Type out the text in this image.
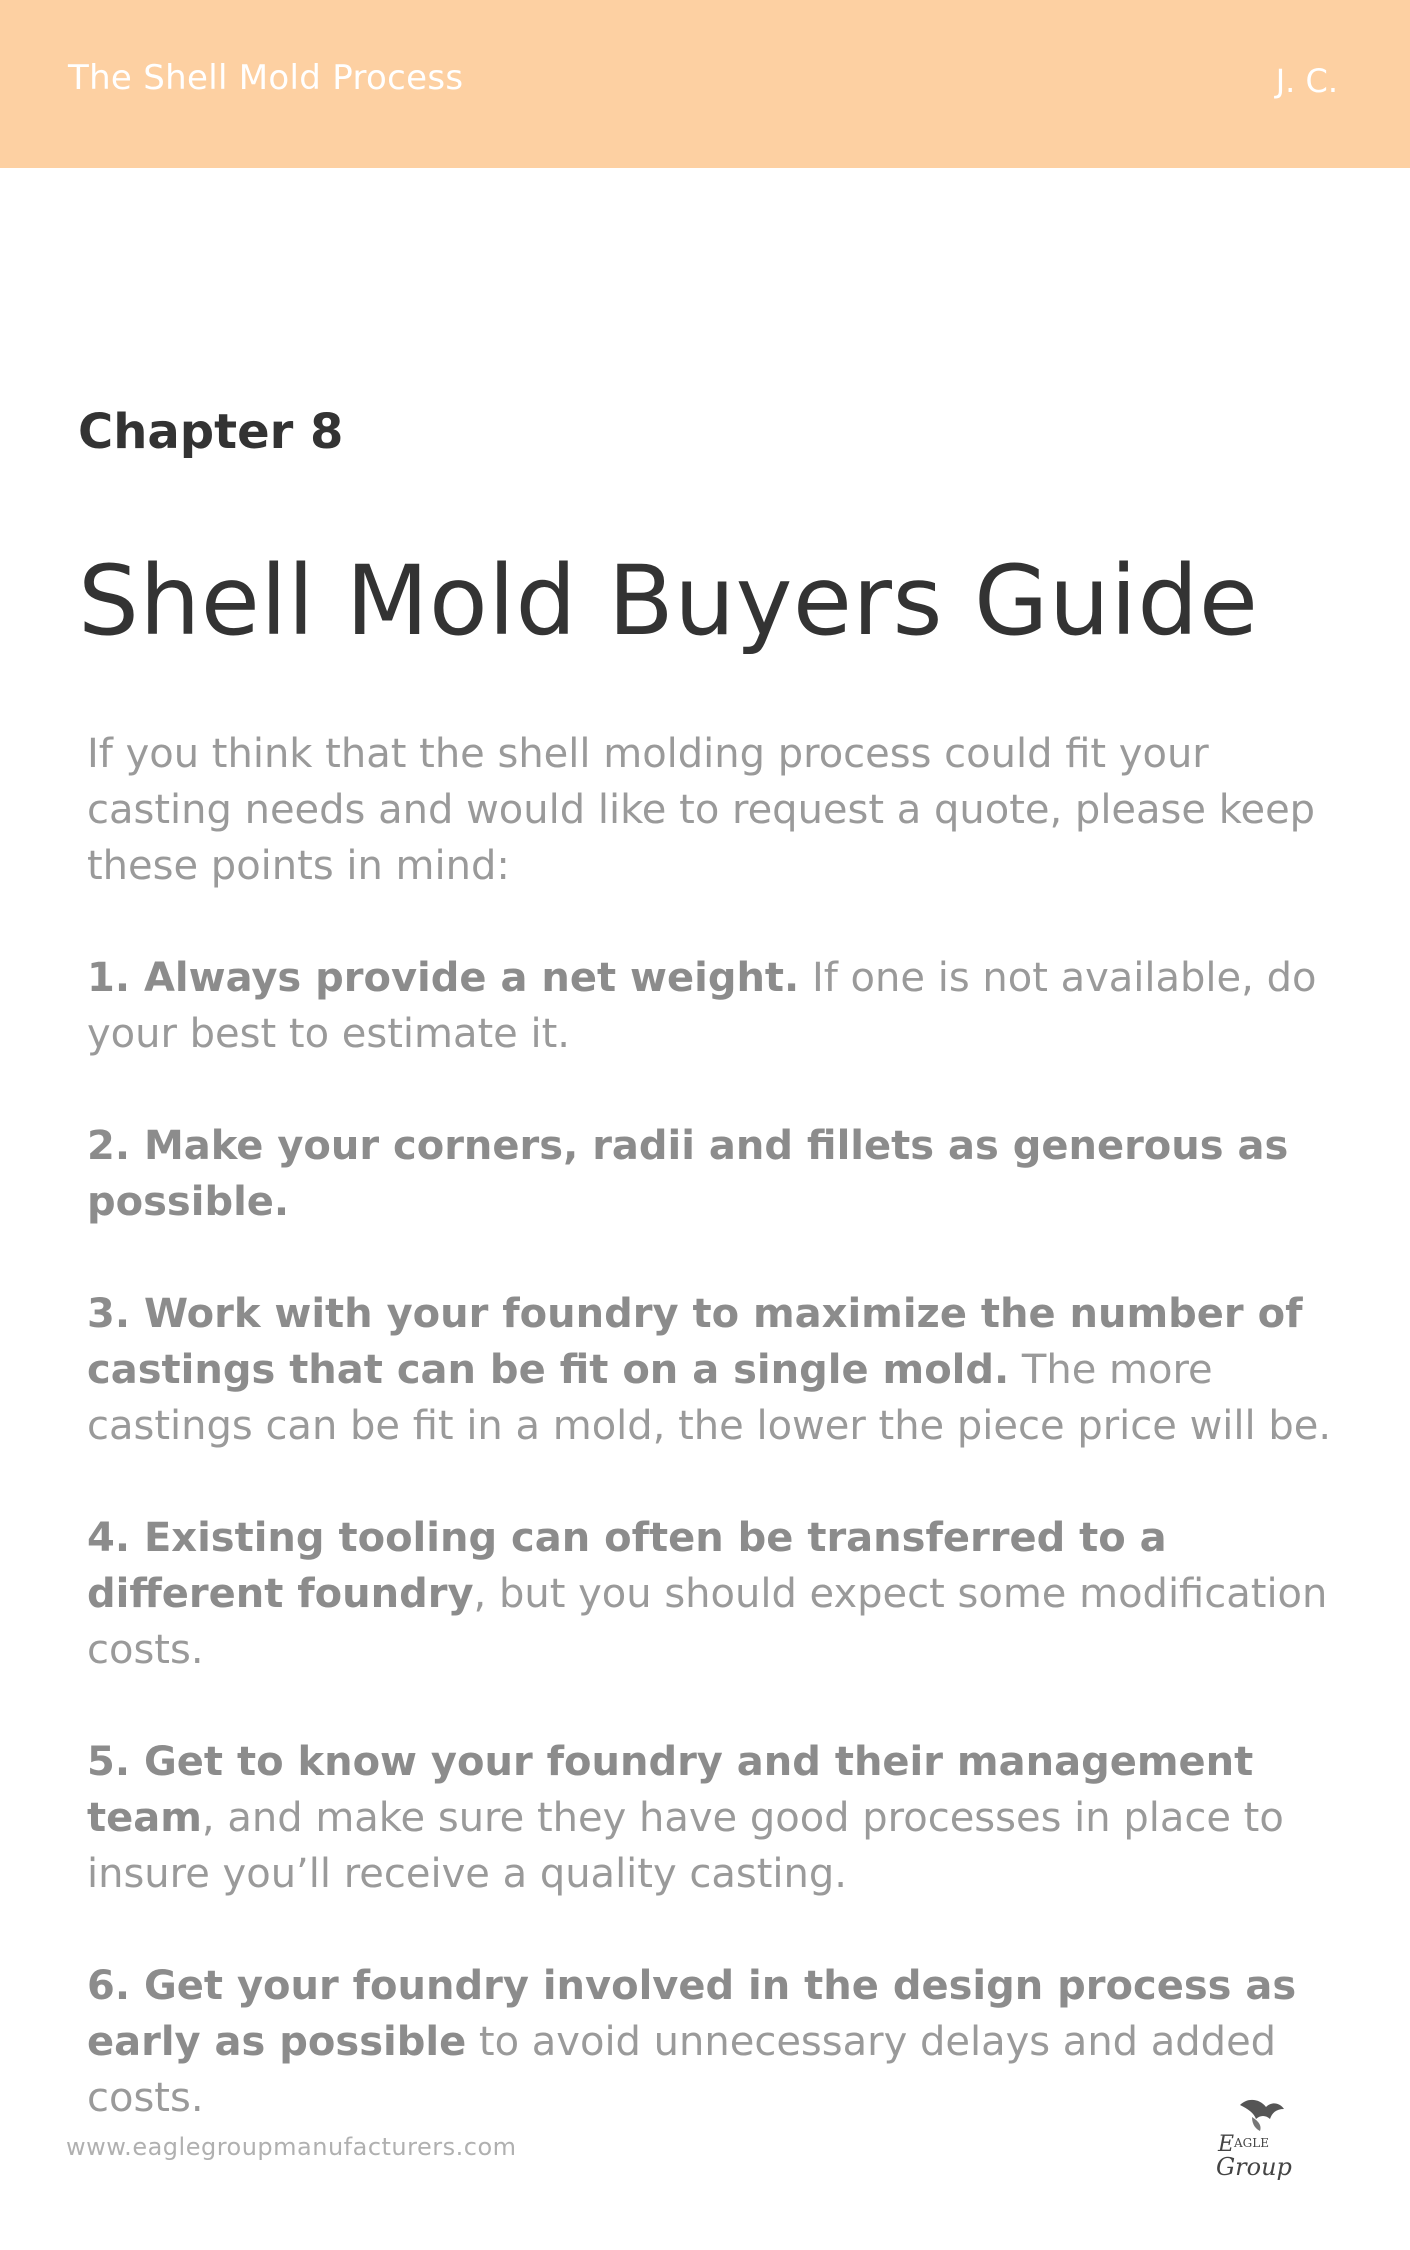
The Shell Mold Process	J. C.
Chapter 8
Shell Mold Buyers Guide

If you think that the shell molding process could fit your casting needs and would like to request a quote, please keep these points in mind:

1. Always provide a net weight. If one is not available, do your best to estimate it.

2. Make your corners, radii and fillets as generous as possible.

3. Work with your foundry to maximize the number of castings that can be fit on a single mold. The more castings can be fit in a mold, the lower the piece price will be.

4. Existing tooling can often be transferred to a different foundry, but you should expect some modification costs.

5. Get to know your foundry and their management team, and make sure they have good processes in place to insure you’ll receive a quality casting.

6. Get your foundry involved in the design process as early as possible to avoid unnecessary delays and added costs.

www.eaglegroupmanufacturers.com	E AGLE
Group
